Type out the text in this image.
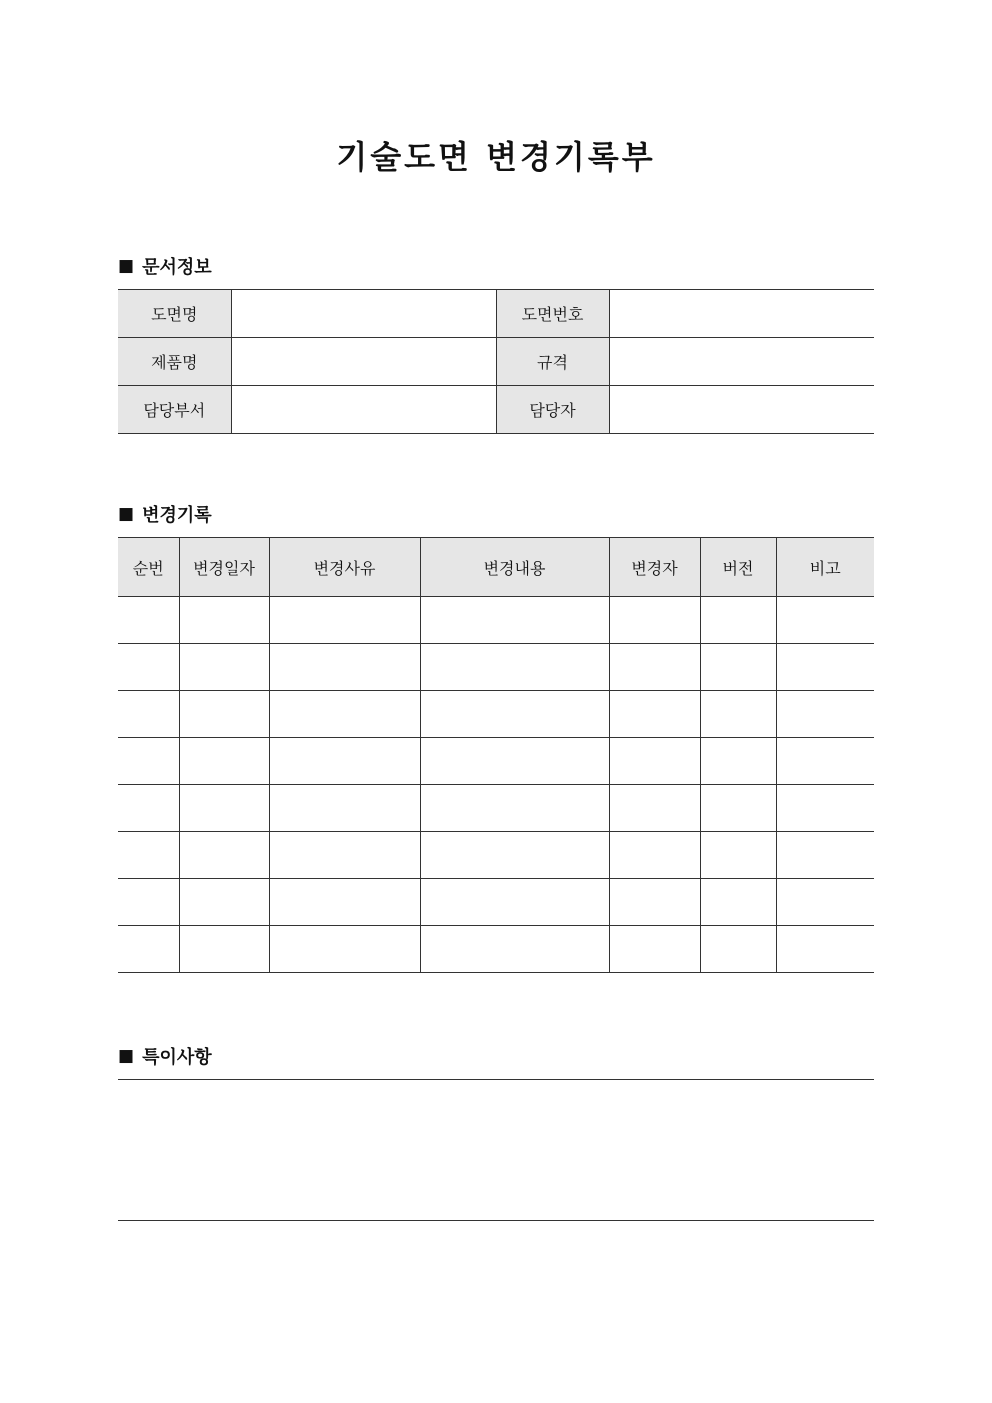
기술도면 변경기록부
■ 문서정보
도면명		도면번호	
제품명		규격	
담당부서		담당자	
■ 변경기록
순번	변경일자	변경사유	변경내용	변경자	버전	비고

■ 특이사항
